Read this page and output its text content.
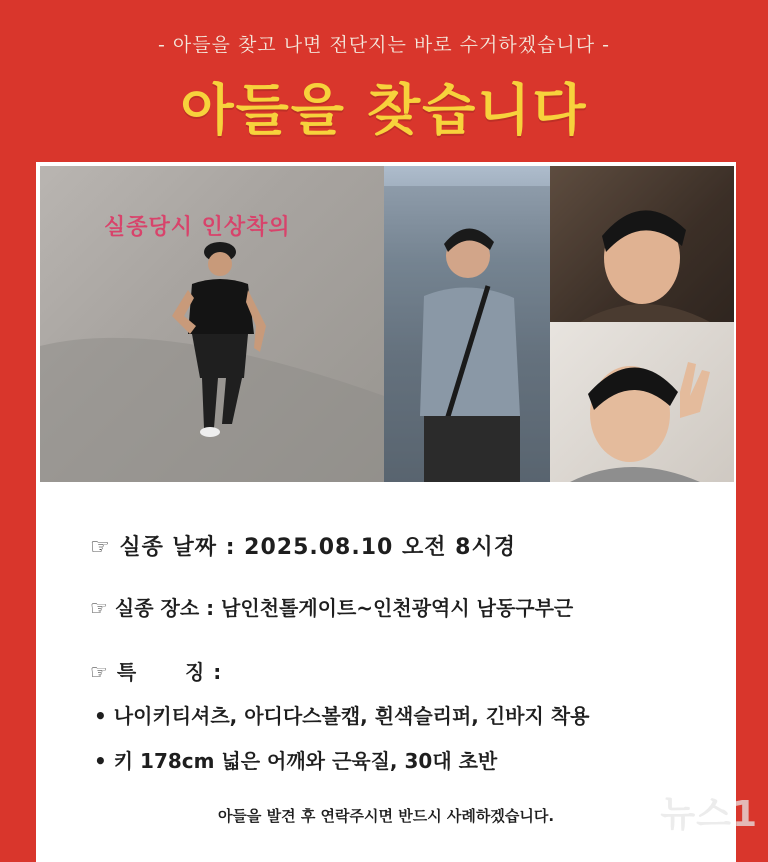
- 아들을 찾고 나면 전단지는 바로 수거하겠습니다 -
아들을 찾습니다
실종당시 인상착의
☞ 실종 날짜 : 2025.08.10 오전 8시경
☞ 실종 장소 : 남인천톨게이트~인천광역시 남동구부근
☞ 특      징 :
• 나이키티셔츠, 아디다스볼캡, 흰색슬리퍼, 긴바지 착용
• 키 178cm 넓은 어깨와 근육질, 30대 초반
아들을 발견 후 연락주시면 반드시 사례하겠습니다.	뉴스1
